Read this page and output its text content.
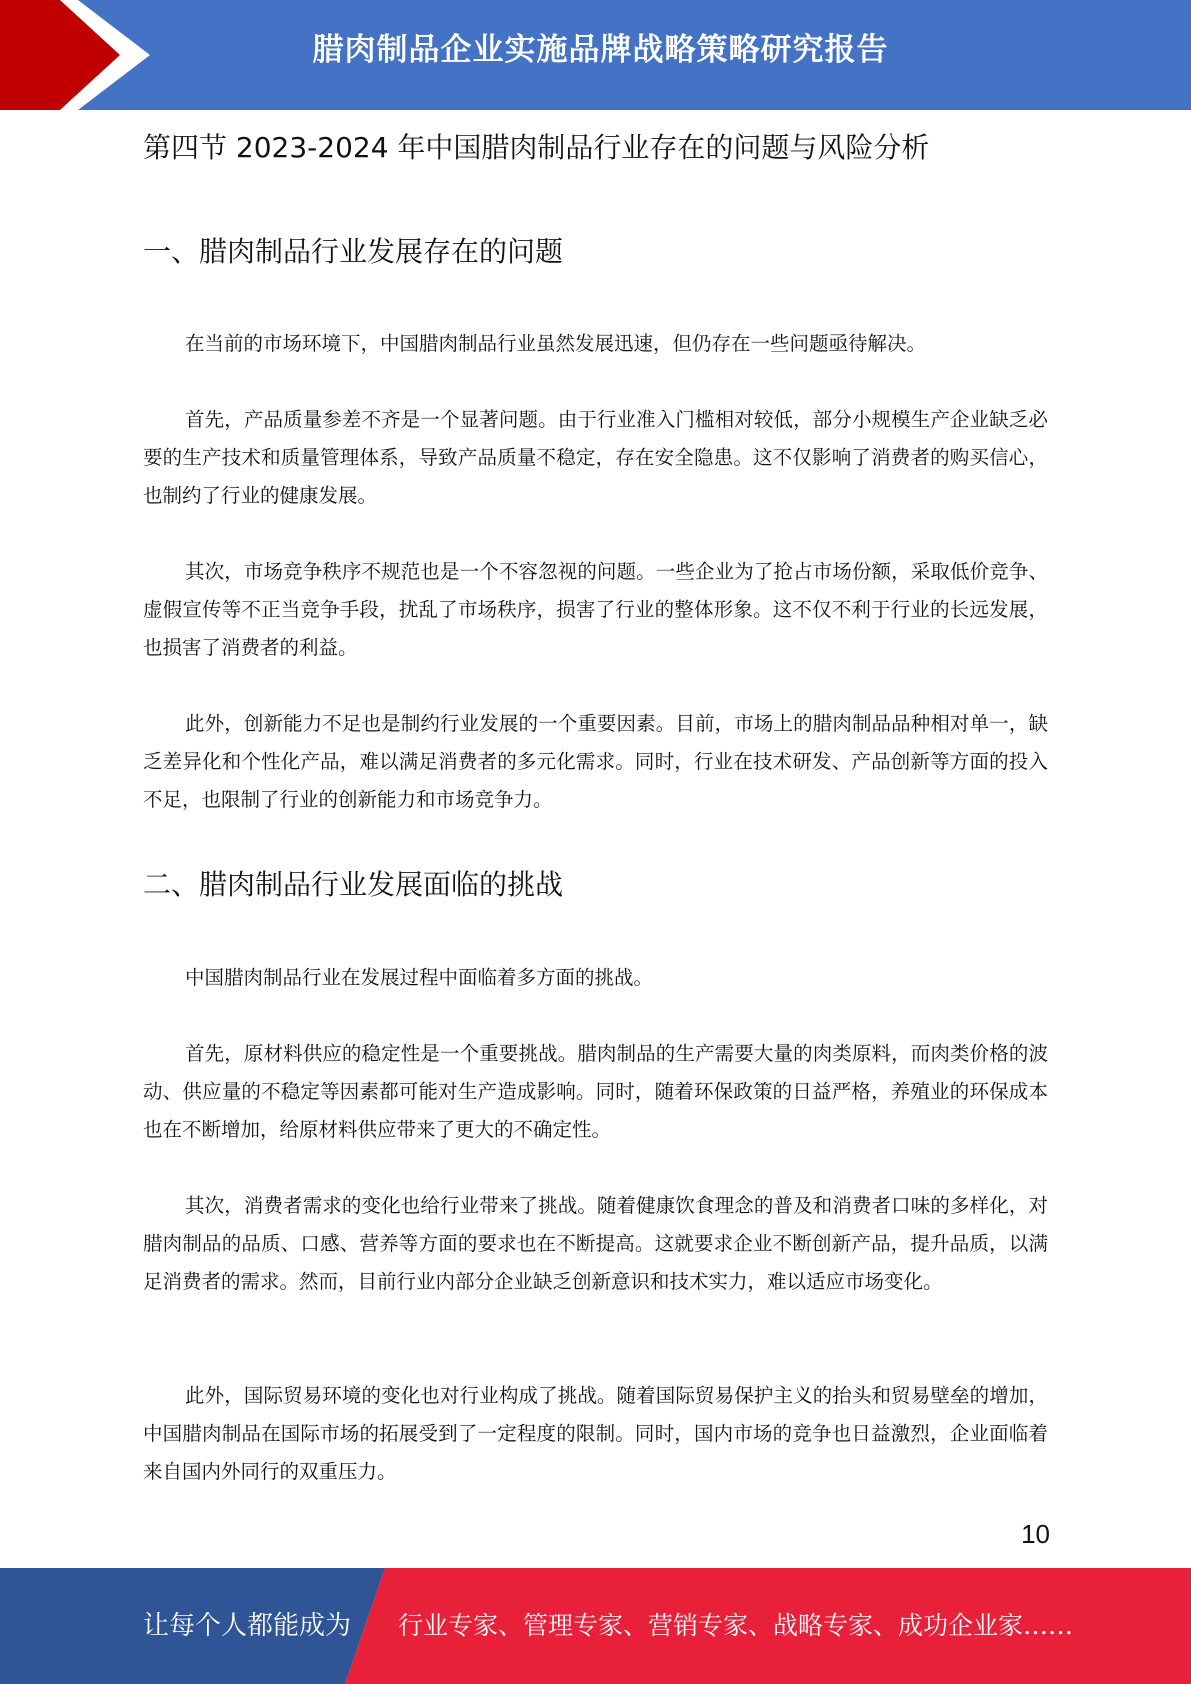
腊肉制品企业实施品牌战略策略研究报告
第四节 2023-2024 年中国腊肉制品行业存在的问题与风险分析
一、腊肉制品行业发展存在的问题

在当前的市场环境下，中国腊肉制品行业虽然发展迅速，但仍存在一些问题亟待解决。

首先，产品质量参差不齐是一个显著问题。由于行业准入门槛相对较低，部分小规模生产企业缺乏必要的生产技术和质量管理体系，导致产品质量不稳定，存在安全隐患。这不仅影响了消费者的购买信心，也制约了行业的健康发展。

其次，市场竞争秩序不规范也是一个不容忽视的问题。一些企业为了抢占市场份额，采取低价竞争、虚假宣传等不正当竞争手段，扰乱了市场秩序，损害了行业的整体形象。这不仅不利于行业的长远发展，也损害了消费者的利益。

此外，创新能力不足也是制约行业发展的一个重要因素。目前，市场上的腊肉制品品种相对单一，缺乏差异化和个性化产品，难以满足消费者的多元化需求。同时，行业在技术研发、产品创新等方面的投入不足，也限制了行业的创新能力和市场竞争力。

二、腊肉制品行业发展面临的挑战

中国腊肉制品行业在发展过程中面临着多方面的挑战。

首先，原材料供应的稳定性是一个重要挑战。腊肉制品的生产需要大量的肉类原料，而肉类价格的波动、供应量的不稳定等因素都可能对生产造成影响。同时，随着环保政策的日益严格，养殖业的环保成本也在不断增加，给原材料供应带来了更大的不确定性。

其次，消费者需求的变化也给行业带来了挑战。随着健康饮食理念的普及和消费者口味的多样化，对腊肉制品的品质、口感、营养等方面的要求也在不断提高。这就要求企业不断创新产品，提升品质，以满足消费者的需求。然而，目前行业内部分企业缺乏创新意识和技术实力，难以适应市场变化。

此外，国际贸易环境的变化也对行业构成了挑战。随着国际贸易保护主义的抬头和贸易壁垒的增加，中国腊肉制品在国际市场的拓展受到了一定程度的限制。同时，国内市场的竞争也日益激烈，企业面临着来自国内外同行的双重压力。

10
让每个人都能成为 行业专家、管理专家、营销专家、战略专家、成功企业家……
